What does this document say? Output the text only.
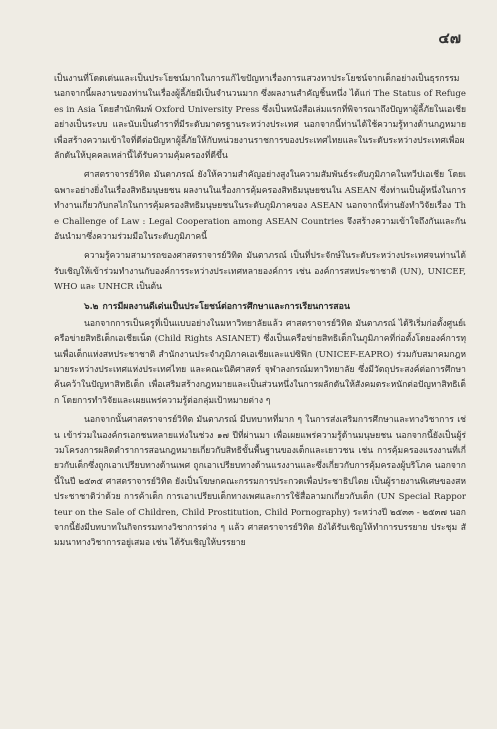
๔๗

เป็นงานที่โดดเด่นและเป็นประโยชน์มากในการแก้ไขปัญหาเรื่องการแสวงหาประโยชน์จากเด็กอย่างเป็นธุรกรรม นอกจากนี้ผลงานของท่านในเรื่องผู้ลี้ภัยมีเป็นจำนวนมาก ซึ่งผลงานสำคัญชิ้นหนึ่ง ได้แก่ The Status of Refugees in Asia โดยสำนักพิมพ์ Oxford University Press ซึ่งเป็นหนังสือเล่มแรกที่พิจารณาถึงปัญหาผู้ลี้ภัยในเอเชียอย่างเป็นระบบ และนับเป็นตำราที่มีระดับมาตรฐานระหว่างประเทศ นอกจากนี้ท่านได้ใช้ความรู้ทางด้านกฎหมาย เพื่อสร้างความเข้าใจที่ดีต่อปัญหาผู้ลี้ภัยให้กับหน่วยงานราชการของประเทศไทยและในระดับระหว่างประเทศเพื่อผลักดันให้บุคคลเหล่านี้ได้รับความคุ้มครองที่ดีขึ้น

ศาสตราจารย์วิทิต มันตาภรณ์ ยังให้ความสำคัญอย่างสูงในความสัมพันธ์ระดับภูมิภาคในทวีปเอเชีย โดยเฉพาะอย่างยิ่งในเรื่องสิทธิมนุษยชน ผลงานในเรื่องการคุ้มครองสิทธิมนุษยชนใน ASEAN ซึ่งท่านเป็นผู้หนึ่งในการทำงานเกี่ยวกับกลไกในการคุ้มครองสิทธิมนุษยชนในระดับภูมิภาคของ ASEAN นอกจากนี้ท่านยังทำวิจัยเรื่อง The Challenge of Law : Legal Cooperation among ASEAN Countries จึงสร้างความเข้าใจถึงกันและกัน อันนำมาซึ่งความร่วมมือในระดับภูมิภาคนี้

ความรู้ความสามารถของศาสตราจารย์วิทิต มันตาภรณ์ เป็นที่ประจักษ์ในระดับระหว่างประเทศจนท่านได้รับเชิญให้เข้าร่วมทำงานกับองค์การระหว่างประเทศหลายองค์การ เช่น องค์การสหประชาชาติ (UN), UNICEF, WHO และ UNHCR เป็นต้น

๖.๒ การมีผลงานดีเด่นเป็นประโยชน์ต่อการศึกษาและการเรียนการสอน

นอกจากการเป็นครูที่เป็นแบบอย่างในมหาวิทยาลัยแล้ว ศาสตราจารย์วิทิต มันตาภรณ์ ได้ริเริ่มก่อตั้งศูนย์เครือข่ายสิทธิเด็กเอเชียเน็ต (Child Rights ASIANET) ซึ่งเป็นเครือข่ายสิทธิเด็กในภูมิภาคที่ก่อตั้งโดยองค์การทุนเพื่อเด็กแห่งสหประชาชาติ สำนักงานประจำภูมิภาคเอเชียและแปซิฟิก (UNICEF-EAPRO) ร่วมกับสมาคมกฎหมายระหว่างประเทศแห่งประเทศไทย และคณะนิติศาสตร์ จุฬาลงกรณ์มหาวิทยาลัย ซึ่งมีวัตถุประสงค์ต่อการศึกษาค้นคว้าในปัญหาสิทธิเด็ก เพื่อเสริมสร้างกฎหมายและเป็นส่วนหนึ่งในการผลักดันให้สังคมตระหนักต่อปัญหาสิทธิเด็ก โดยการทำวิจัยและเผยแพร่ความรู้ต่อกลุ่มเป้าหมายต่าง ๆ

นอกจากนั้นศาสตราจารย์วิทิต มันตาภรณ์ มีบทบาทที่มาก ๆ ในการส่งเสริมการศึกษาและทางวิชาการ เช่น เข้าร่วมในองค์กรเอกชนหลายแห่งในช่วง ๑๗ ปีที่ผ่านมา เพื่อเผยแพร่ความรู้ด้านมนุษยชน นอกจากนี้ยังเป็นผู้ร่วมโครงการผลิตตำราการสอนกฎหมายเกี่ยวกับสิทธิขั้นพื้นฐานของเด็กและเยาวชน เช่น การคุ้มครองแรงงานที่เกี่ยวกับเด็กซึ่งถูกเอาเปรียบทางด้านเพศ ถูกเอาเปรียบทางด้านแรงงานและซึ่งเกี่ยวกับการคุ้มครองผู้บริโภค นอกจากนี้ในปี ๒๕๓๕ ศาสตราจารย์วิทิต ยังเป็นโฆษกคณะกรรมการประกวดเพื่อประชาธิปไตย เป็นผู้รายงานพิเศษของสหประชาชาติว่าด้วย การค้าเด็ก การเอาเปรียบเด็กทางเพศและการใช้สื่อลามกเกี่ยวกับเด็ก (UN Special Rapporteur on the Sale of Children, Child Prostitution, Child Pornography) ระหว่างปี ๒๕๓๓ - ๒๕๓๗ นอกจากนี้ยังมีบทบาทในกิจกรรมทางวิชาการต่าง ๆ แล้ว ศาสตราจารย์วิทิต ยังได้รับเชิญให้ทำการบรรยาย ประชุม สัมมนาทางวิชาการอยู่เสมอ เช่น ได้รับเชิญให้บรรยาย
